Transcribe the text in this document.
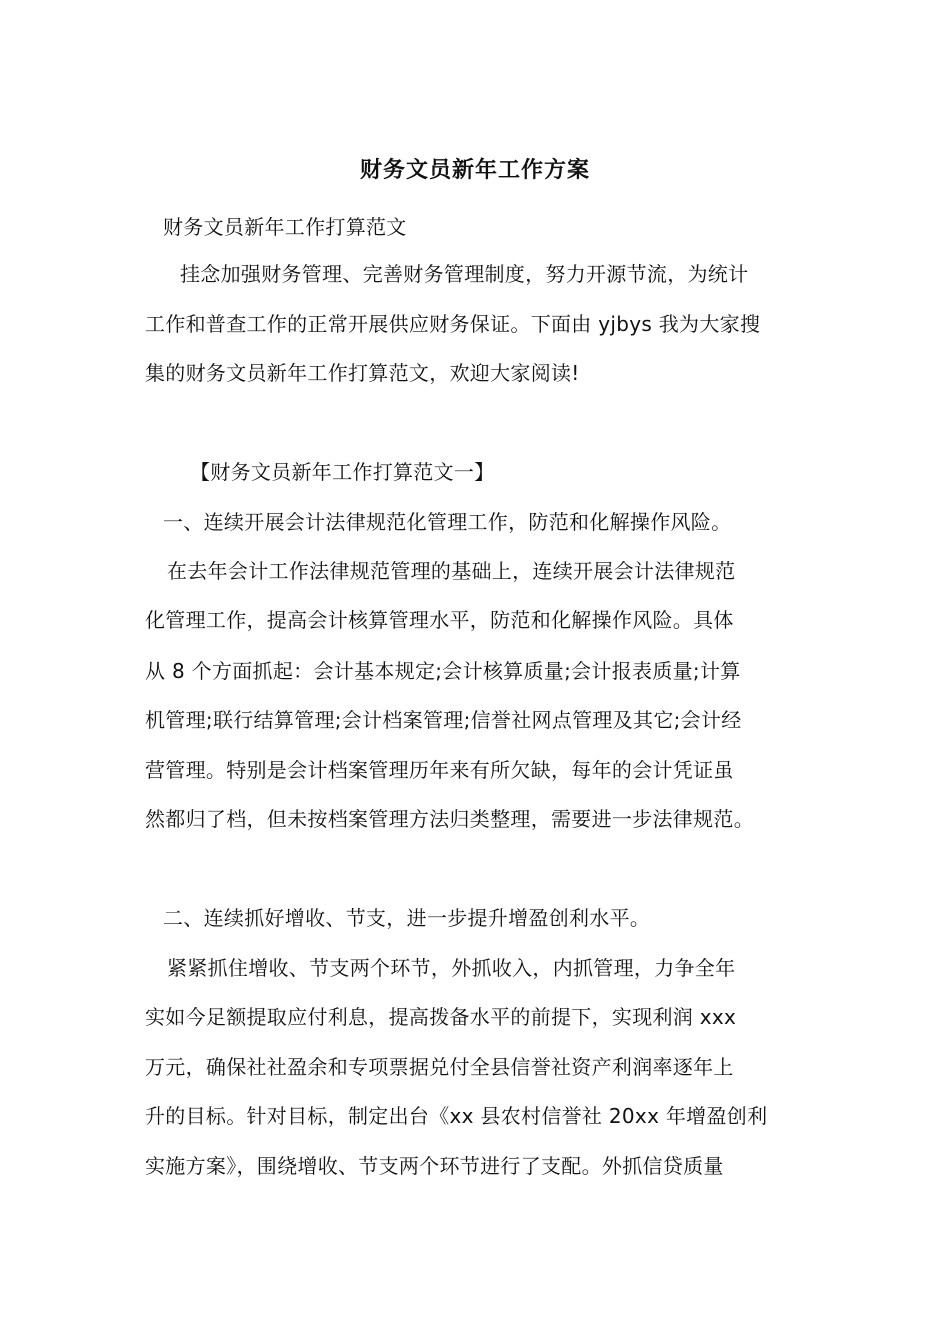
财务文员新年工作方案
财务文员新年工作打算范文
挂念加强财务管理、完善财务管理制度，努力开源节流，为统计
工作和普查工作的正常开展供应财务保证。下面由 yjbys 我为大家搜
集的财务文员新年工作打算范文，欢迎大家阅读!
【财务文员新年工作打算范文一】
一、连续开展会计法律规范化管理工作，防范和化解操作风险。
在去年会计工作法律规范管理的基础上，连续开展会计法律规范
化管理工作，提高会计核算管理水平，防范和化解操作风险。具体
从 8 个方面抓起：会计基本规定;会计核算质量;会计报表质量;计算
机管理;联行结算管理;会计档案管理;信誉社网点管理及其它;会计经
营管理。特别是会计档案管理历年来有所欠缺，每年的会计凭证虽
然都归了档，但未按档案管理方法归类整理，需要进一步法律规范。
二、连续抓好增收、节支，进一步提升增盈创利水平。
紧紧抓住增收、节支两个环节，外抓收入，内抓管理，力争全年
实如今足额提取应付利息，提高拨备水平的前提下，实现利润 xxx
万元，确保社社盈余和专项票据兑付全县信誉社资产利润率逐年上
升的目标。针对目标，制定出台《xx 县农村信誉社 20xx 年增盈创利
实施方案》，围绕增收、节支两个环节进行了支配。外抓信贷质量
